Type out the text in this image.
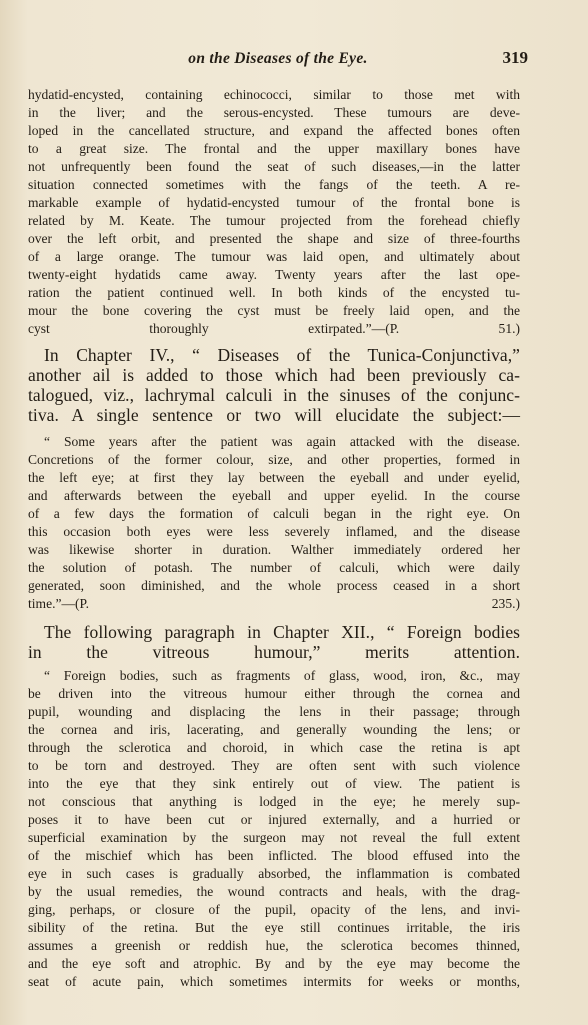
on the Diseases of the Eye.	319

hydatid-encysted, containing echinococci, similar to those met with
in the liver; and the serous-encysted. These tumours are deve-
loped in the cancellated structure, and expand the affected bones often
to a great size. The frontal and the upper maxillary bones have
not unfrequently been found the seat of such diseases,—in the latter
situation connected sometimes with the fangs of the teeth. A re-
markable example of hydatid-encysted tumour of the frontal bone is
related by M. Keate. The tumour projected from the forehead chiefly
over the left orbit, and presented the shape and size of three-fourths
of a large orange. The tumour was laid open, and ultimately about
twenty-eight hydatids came away. Twenty years after the last ope-
ration the patient continued well. In both kinds of the encysted tu-
mour the bone covering the cyst must be freely laid open, and the
cyst thoroughly extirpated.”—(P. 51.)

In Chapter IV., “ Diseases of the Tunica-Conjunctiva,”
another ail is added to those which had been previously ca-
talogued, viz., lachrymal calculi in the sinuses of the conjunc-
tiva. A single sentence or two will elucidate the subject:—

“ Some years after the patient was again attacked with the disease.
Concretions of the former colour, size, and other properties, formed in
the left eye; at first they lay between the eyeball and under eyelid,
and afterwards between the eyeball and upper eyelid. In the course
of a few days the formation of calculi began in the right eye. On
this occasion both eyes were less severely inflamed, and the disease
was likewise shorter in duration. Walther immediately ordered her
the solution of potash. The number of calculi, which were daily
generated, soon diminished, and the whole process ceased in a short
time.”—(P. 235.)

The following paragraph in Chapter XII., “ Foreign bodies
in the vitreous humour,” merits attention.

“ Foreign bodies, such as fragments of glass, wood, iron, &c., may
be driven into the vitreous humour either through the cornea and
pupil, wounding and displacing the lens in their passage; through
the cornea and iris, lacerating, and generally wounding the lens; or
through the sclerotica and choroid, in which case the retina is apt
to be torn and destroyed. They are often sent with such violence
into the eye that they sink entirely out of view. The patient is
not conscious that anything is lodged in the eye; he merely sup-
poses it to have been cut or injured externally, and a hurried or
superficial examination by the surgeon may not reveal the full extent
of the mischief which has been inflicted. The blood effused into the
eye in such cases is gradually absorbed, the inflammation is combated
by the usual remedies, the wound contracts and heals, with the drag-
ging, perhaps, or closure of the pupil, opacity of the lens, and invi-
sibility of the retina. But the eye still continues irritable, the iris
assumes a greenish or reddish hue, the sclerotica becomes thinned,
and the eye soft and atrophic. By and by the eye may become the
seat of acute pain, which sometimes intermits for weeks or months,
